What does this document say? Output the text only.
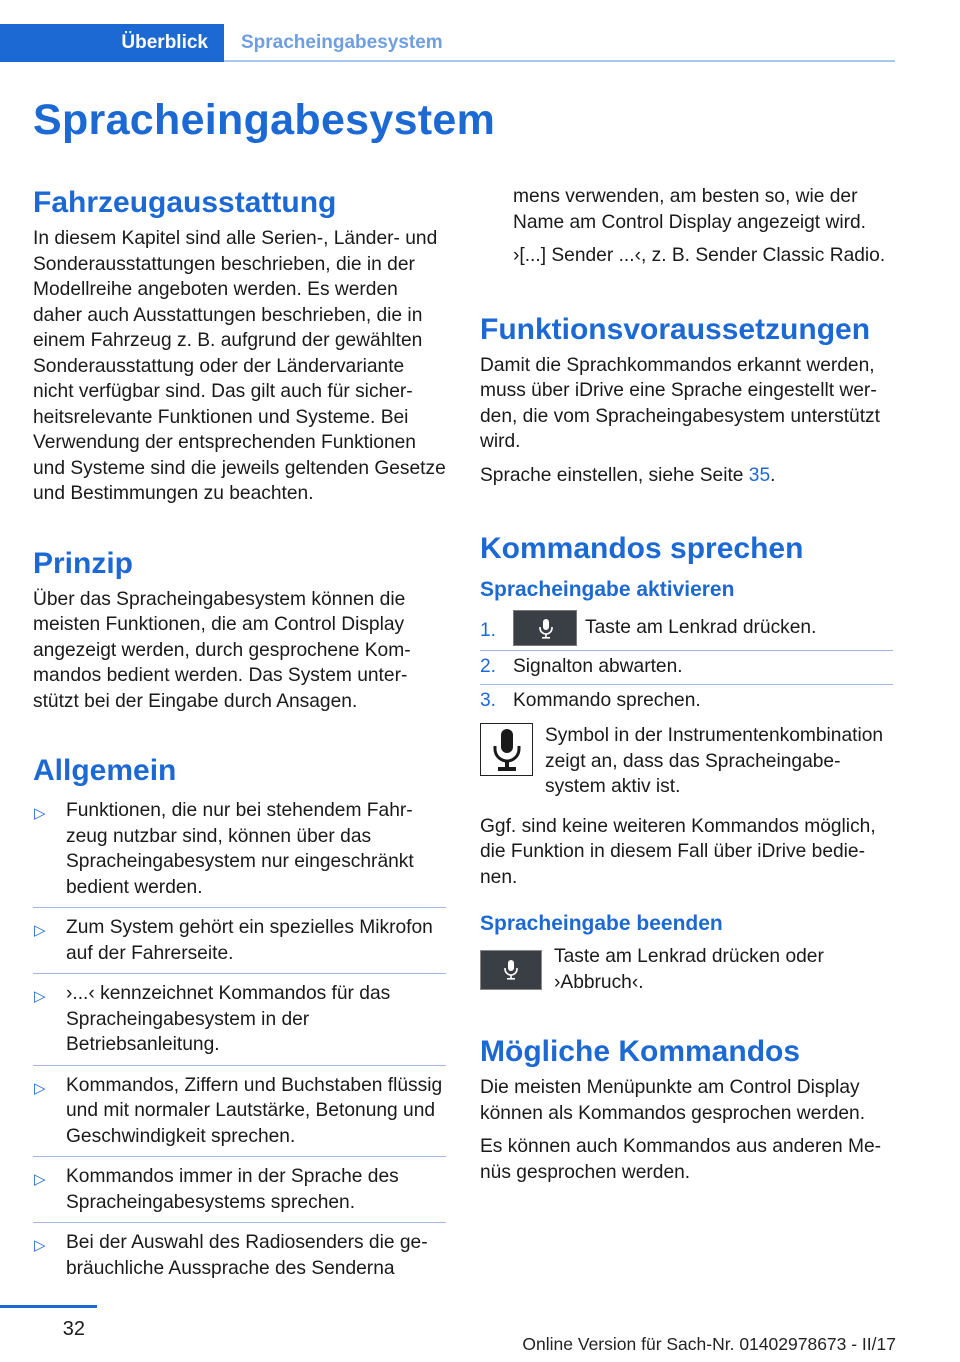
Überblick	Spracheingabesystem
Spracheingabesystem
Fahrzeugausstattung

In diesem Kapitel sind alle Serien-, Länder- und Sonderausstattungen beschrieben, die in der Modellreihe angeboten werden. Es werden daher auch Ausstattungen beschrieben, die in einem Fahrzeug z. B. aufgrund der gewählten Sonderausstattung oder der Ländervariante nicht verfügbar sind. Das gilt auch für sicherheitsrelevante Funktionen und Systeme. Bei Verwendung der entsprechenden Funktionen und Systeme sind die jeweils geltenden Gesetze und Bestimmungen zu beachten.

Prinzip

Über das Spracheingabesystem können die meisten Funktionen, die am Control Display angezeigt werden, durch gesprochene Kommandos bedient werden. Das System unterstützt bei der Eingabe durch Ansagen.

Allgemein
▷ Funktionen, die nur bei stehendem Fahrzeug nutzbar sind, können über das Spracheingabesystem nur eingeschränkt bedient werden.
▷ Zum System gehört ein spezielles Mikrofon auf der Fahrerseite.
▷ ›...‹ kennzeichnet Kommandos für das Spracheingabesystem in der Betriebsanleitung.
▷ Kommandos, Ziffern und Buchstaben flüssig und mit normaler Lautstärke, Betonung und Geschwindigkeit sprechen.
▷ Kommandos immer in der Sprache des Spracheingabesystems sprechen.
▷ Bei der Auswahl des Radiosenders die gebräuchliche Aussprache des Senderna

mens verwenden, am besten so, wie der Name am Control Display angezeigt wird.

›[...] Sender ...‹, z. B. Sender Classic Radio.

Funktionsvoraussetzungen

Damit die Sprachkommandos erkannt werden, muss über iDrive eine Sprache eingestellt werden, die vom Spracheingabesystem unterstützt wird.

Sprache einstellen, siehe Seite 35.

Kommandos sprechen
Spracheingabe aktivieren
1.	Taste am Lenkrad drücken.
2. Signalton abwarten.
3. Kommando sprechen.

Symbol in der Instrumentenkombination zeigt an, dass das Spracheingabesystem aktiv ist.

Ggf. sind keine weiteren Kommandos möglich, die Funktion in diesem Fall über iDrive bedienen.

Spracheingabe beenden

Taste am Lenkrad drücken oder ›Abbruch‹.

Mögliche Kommandos

Die meisten Menüpunkte am Control Display können als Kommandos gesprochen werden.

Es können auch Kommandos aus anderen Menüs gesprochen werden.

32
Online Version für Sach-Nr. 01402978673 - II/17
